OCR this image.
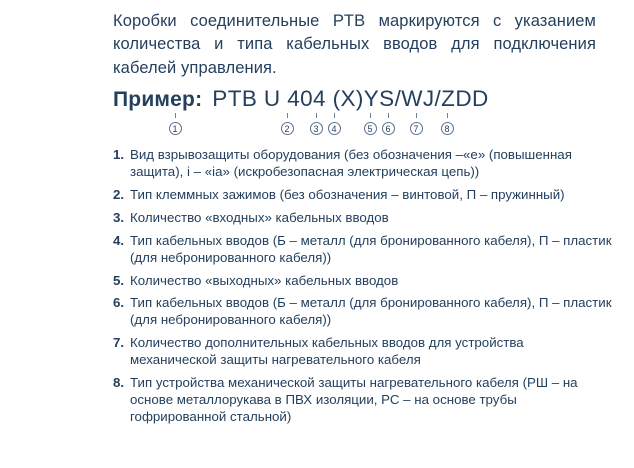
Коробки соединительные PTB маркируются с указанием количества и типа кабельных вводов для подключения кабелей управления.

Пример: PTB U 404 (X)YS/WJ/ZDD
1	2	3	4	5	6	7	8
1. Вид взрывозащиты оборудования (без обозначения –«е» (повышенная защита), i – «ia» (искробезопасная электрическая цепь))
2. Тип клеммных зажимов (без обозначения – винтовой, П – пружинный)
3. Количество «входных» кабельных вводов
4. Тип кабельных вводов (Б – металл (для бронированного кабеля), П – пластик (для небронированного кабеля))
5. Количество «выходных» кабельных вводов
6. Тип кабельных вводов (Б – металл (для бронированного кабеля), П – пластик (для небронированного кабеля))
7. Количество дополнительных кабельных вводов для устройства механической защиты нагревательного кабеля
8. Тип устройства механической защиты нагревательного кабеля (РШ – на основе металлорукава в ПВХ изоляции, РС – на основе трубы гофрированной стальной)
